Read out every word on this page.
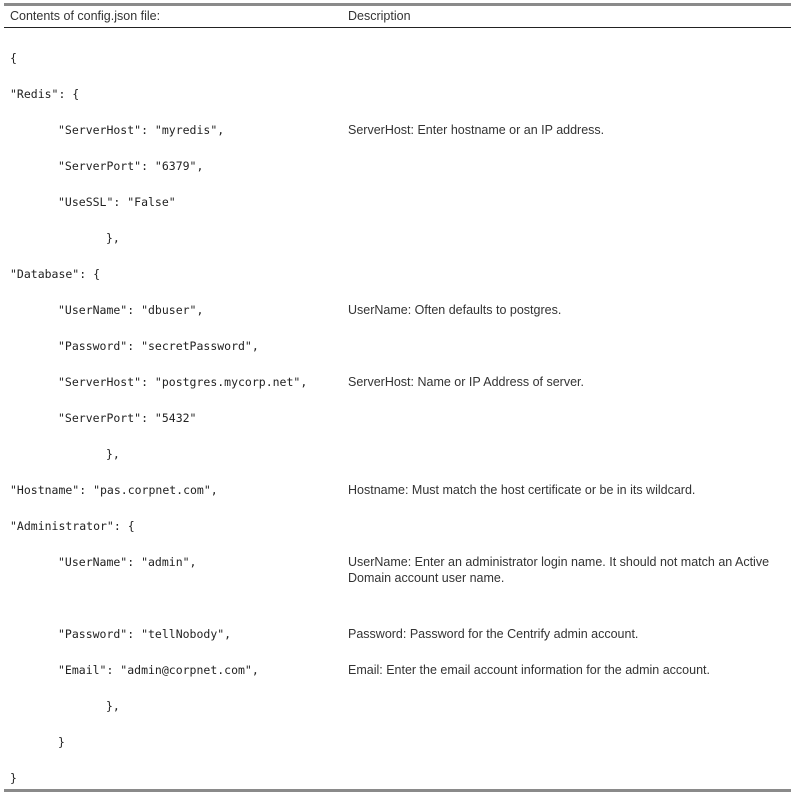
Contents of config.json file:	Description
{
"Redis": {
"ServerHost": "myredis",	ServerHost: Enter hostname or an IP address.
"ServerPort": "6379",
"UseSSL": "False"
},
"Database": {
"UserName": "dbuser",	UserName: Often defaults to postgres.
"Password": "secretPassword",
"ServerHost": "postgres.mycorp.net",	ServerHost: Name or IP Address of server.
"ServerPort": "5432"
},
"Hostname": "pas.corpnet.com",	Hostname: Must match the host certificate or be in its wildcard.
"Administrator": {
"UserName": "admin",	UserName: Enter an administrator login name. It should not match an Active Domain account user name.
"Password": "tellNobody",	Password: Password for the Centrify admin account.
"Email": "admin@corpnet.com",	Email: Enter the email account information for the admin account.
},
}
}
